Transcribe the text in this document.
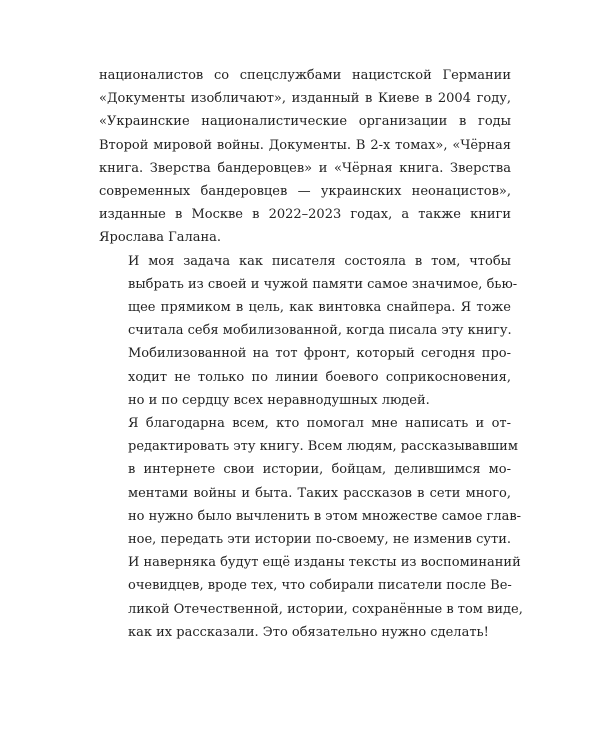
националистов со спецслужбами нацистской Германии
«Документы изобличают», изданный в Киеве в 2004 году,
«Украинские националистические организации в годы
Второй мировой войны. Документы. В 2-х томах», «Чёрная
книга. Зверства бандеровцев» и «Чёрная книга. Зверства
современных бандеровцев — украинских неонацистов»,
изданные в Москве в 2022–2023 годах, а также книги
Ярослава Галана.

И моя задача как писателя состояла в том, чтобы
выбрать из своей и чужой памяти самое значимое, бью-
щее прямиком в цель, как винтовка снайпера. Я тоже
считала себя мобилизованной, когда писала эту книгу.
Мобилизованной на тот фронт, который сегодня про-
ходит не только по линии боевого соприкосновения,
но и по сердцу всех неравнодушных людей.

Я благодарна всем, кто помогал мне написать и от-
редактировать эту книгу. Всем людям, рассказывавшим
в интернете свои истории, бойцам, делившимся мо-
ментами войны и быта. Таких рассказов в сети много,
но нужно было вычленить в этом множестве самое глав-
ное, передать эти истории по-своему, не изменив сути.
И наверняка будут ещё изданы тексты из воспоминаний
очевидцев, вроде тех, что собирали писатели после Ве-
ликой Отечественной, истории, сохранённые в том виде,
как их рассказали. Это обязательно нужно сделать!
